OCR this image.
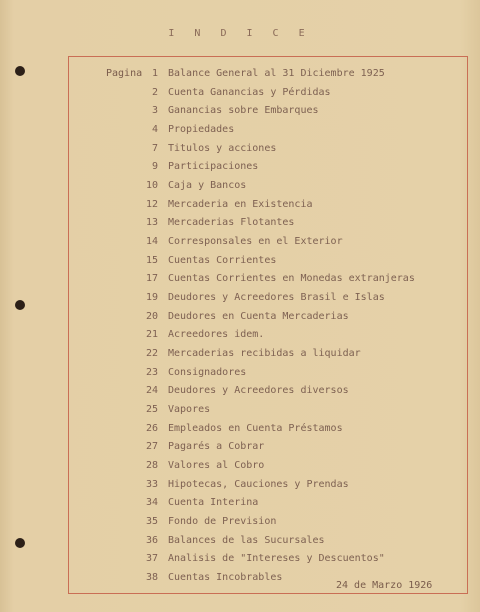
I N D I C E
Pagina 1 Balance General al 31 Diciembre 1925
2 Cuenta Ganancias y Pérdidas
3 Ganancias sobre Embarques
4 Propiedades
7 Titulos y acciones
9 Participaciones
10 Caja y Bancos
12 Mercaderia en Existencia
13 Mercaderias Flotantes
14 Corresponsales en el Exterior
15 Cuentas Corrientes
17 Cuentas Corrientes en Monedas extranjeras
19 Deudores y Acreedores Brasil e Islas
20 Deudores en Cuenta Mercaderias
21 Acreedores idem.
22 Mercaderias recibidas a liquidar
23 Consignadores
24 Deudores y Acreedores diversos
25 Vapores
26 Empleados en Cuenta Préstamos
27 Pagarés a Cobrar
28 Valores al Cobro
33 Hipotecas, Cauciones y Prendas
34 Cuenta Interina
35 Fondo de Prevision
36 Balances de las Sucursales
37 Analisis de "Intereses y Descuentos"
38 Cuentas Incobrables
24 de Marzo 1926
